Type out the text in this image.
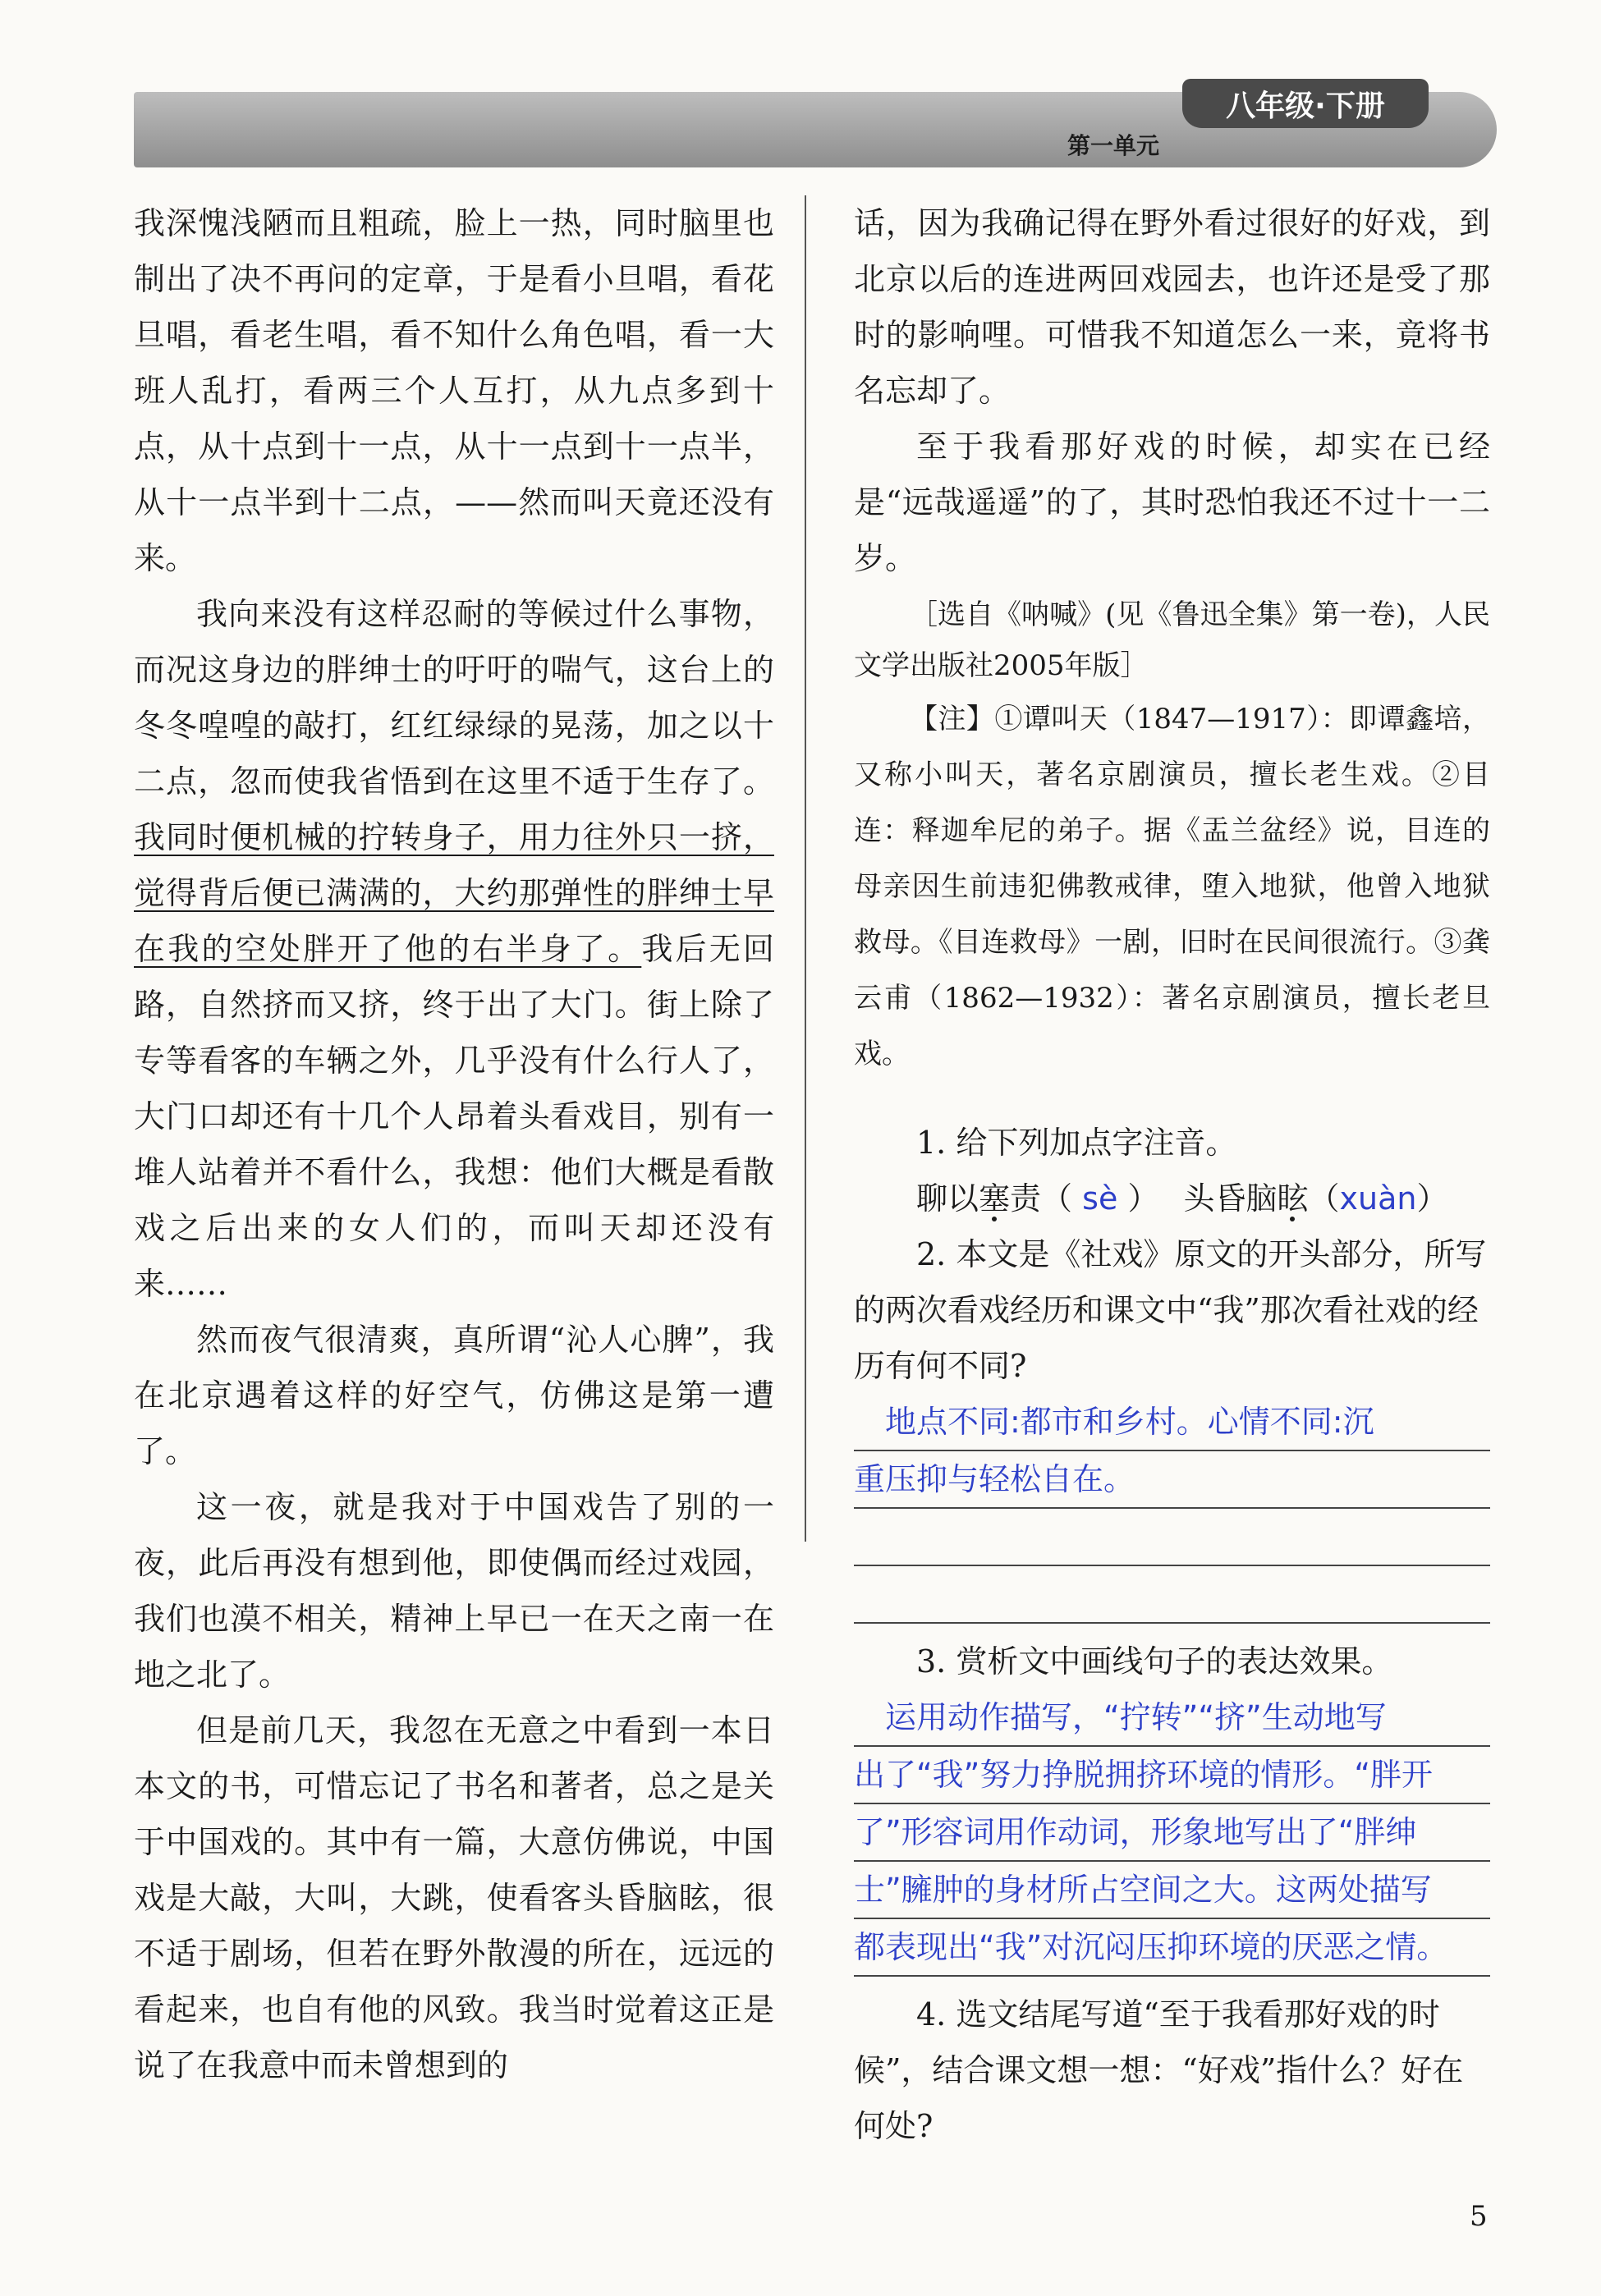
八年级·下册
第一单元

我深愧浅陋而且粗疏，脸上一热，同时脑里也制出了决不再问的定章，于是看小旦唱，看花旦唱，看老生唱，看不知什么角色唱，看一大班人乱打，看两三个人互打，从九点多到十点，从十点到十一点，从十一点到十一点半，从十一点半到十二点，——然而叫天竟还没有来。

我向来没有这样忍耐的等候过什么事物，而况这身边的胖绅士的吁吁的喘气，这台上的冬冬喤喤的敲打，红红绿绿的晃荡，加之以十二点，忽而使我省悟到在这里不适于生存了。我同时便机械的拧转身子，用力往外只一挤，觉得背后便已满满的，大约那弹性的胖绅士早在我的空处胖开了他的右半身了。我后无回路，自然挤而又挤，终于出了大门。街上除了专等看客的车辆之外，几乎没有什么行人了，大门口却还有十几个人昂着头看戏目，别有一堆人站着并不看什么，我想：他们大概是看散戏之后出来的女人们的，而叫天却还没有来……

然而夜气很清爽，真所谓“沁人心脾”，我在北京遇着这样的好空气，仿佛这是第一遭了。

这一夜，就是我对于中国戏告了别的一夜，此后再没有想到他，即使偶而经过戏园，我们也漠不相关，精神上早已一在天之南一在地之北了。

但是前几天，我忽在无意之中看到一本日本文的书，可惜忘记了书名和著者，总之是关于中国戏的。其中有一篇，大意仿佛说，中国戏是大敲，大叫，大跳，使看客头昏脑眩，很不适于剧场，但若在野外散漫的所在，远远的看起来，也自有他的风致。我当时觉着这正是说了在我意中而未曾想到的

话，因为我确记得在野外看过很好的好戏，到北京以后的连进两回戏园去，也许还是受了那时的影响哩。可惜我不知道怎么一来，竟将书名忘却了。

至于我看那好戏的时候，却实在已经是“远哉遥遥”的了，其时恐怕我还不过十一二岁。

［选自《呐喊》(见《鲁迅全集》第一卷)，人民文学出版社2005年版］

【注】①谭叫天（1847—1917）：即谭鑫培，又称小叫天，著名京剧演员，擅长老生戏。②目连：释迦牟尼的弟子。据《盂兰盆经》说，目连的母亲因生前违犯佛教戒律，堕入地狱，他曾入地狱救母。《目连救母》一剧，旧时在民间很流行。③龚云甫（1862—1932）：著名京剧演员，擅长老旦戏。

1. 给下列加点字注音。

聊以塞责（ sè ） 头昏脑眩（xuàn）

2. 本文是《社戏》原文的开头部分，所写的两次看戏经历和课文中“我”那次看社戏的经历有何不同?

地点不同:都市和乡村。心情不同:沉
重压抑与轻松自在。

3. 赏析文中画线句子的表达效果。

运用动作描写，“拧转”“挤”生动地写
出了“我”努力挣脱拥挤环境的情形。“胖开
了”形容词用作动词，形象地写出了“胖绅
士”臃肿的身材所占空间之大。这两处描写
都表现出“我”对沉闷压抑环境的厌恶之情。

4. 选文结尾写道“至于我看那好戏的时候”，结合课文想一想：“好戏”指什么？好在何处?

5
